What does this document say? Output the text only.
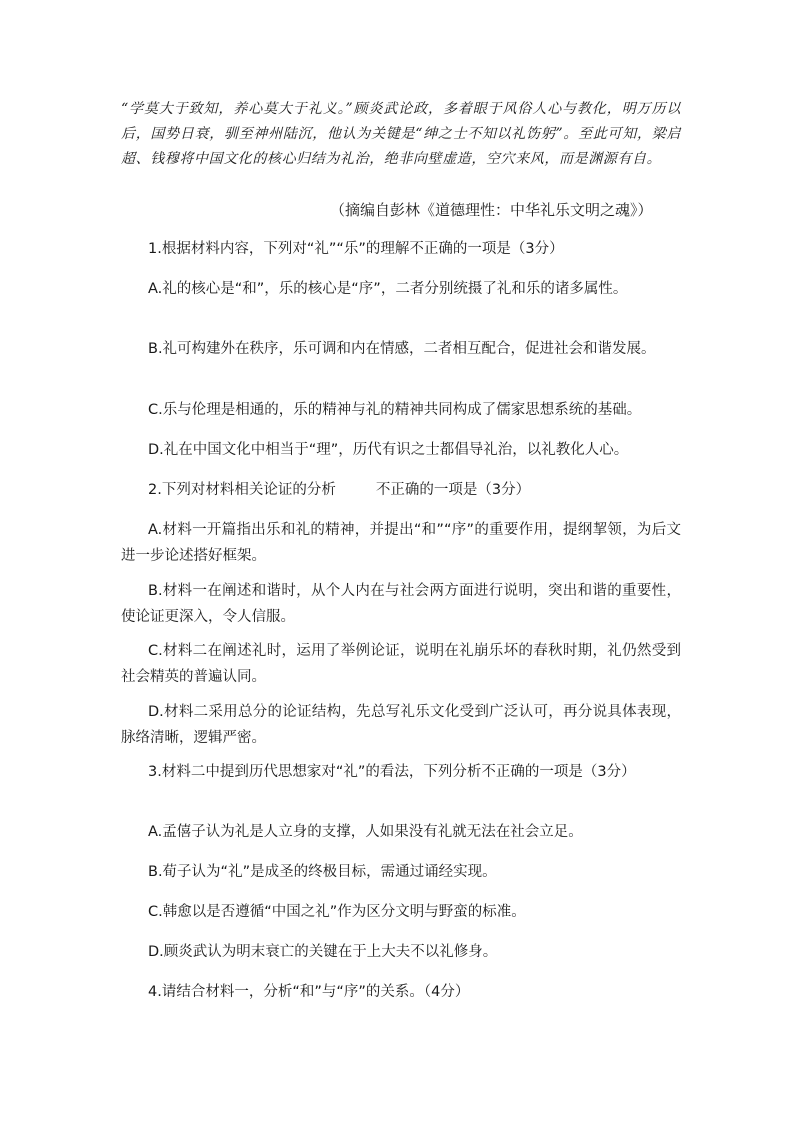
“学莫大于致知，养心莫大于礼义。”顾炎武论政，多着眼于风俗人心与教化，明万历以后，国势日衰，驯至神州陆沉，他认为关键是“绅之士不知以礼饬躬”。至此可知，梁启超、钱穆将中国文化的核心归结为礼治，绝非向壁虚造，空穴来风，而是渊源有自。
（摘编自彭林《道德理性：中华礼乐文明之魂》）
1.根据材料内容，下列对“礼”“乐”的理解不正确的一项是（3分）
A.礼的核心是“和”，乐的核心是“序”，二者分别统摄了礼和乐的诸多属性。
B.礼可构建外在秩序，乐可调和内在情感，二者相互配合，促进社会和谐发展。
C.乐与伦理是相通的，乐的精神与礼的精神共同构成了儒家思想系统的基础。
D.礼在中国文化中相当于“理”，历代有识之士都倡导礼治，以礼教化人心。
2.下列对材料相关论证的分析	不正确的一项是（3分）
A.材料一开篇指出乐和礼的精神，并提出“和”“序”的重要作用，提纲挈领，为后文进一步论述搭好框架。
B.材料一在阐述和谐时，从个人内在与社会两方面进行说明，突出和谐的重要性，使论证更深入，令人信服。
C.材料二在阐述礼时，运用了举例论证，说明在礼崩乐坏的春秋时期，礼仍然受到社会精英的普遍认同。
D.材料二采用总分的论证结构，先总写礼乐文化受到广泛认可，再分说具体表现，脉络清晰，逻辑严密。
3.材料二中提到历代思想家对“礼”的看法，下列分析不正确的一项是（3分）
A.孟僖子认为礼是人立身的支撑，人如果没有礼就无法在社会立足。
B.荀子认为“礼”是成圣的终极目标，需通过诵经实现。
C.韩愈以是否遵循“中国之礼”作为区分文明与野蛮的标准。
D.顾炎武认为明末衰亡的关键在于上大夫不以礼修身。
4.请结合材料一，分析“和”与“序”的关系。（4分）
